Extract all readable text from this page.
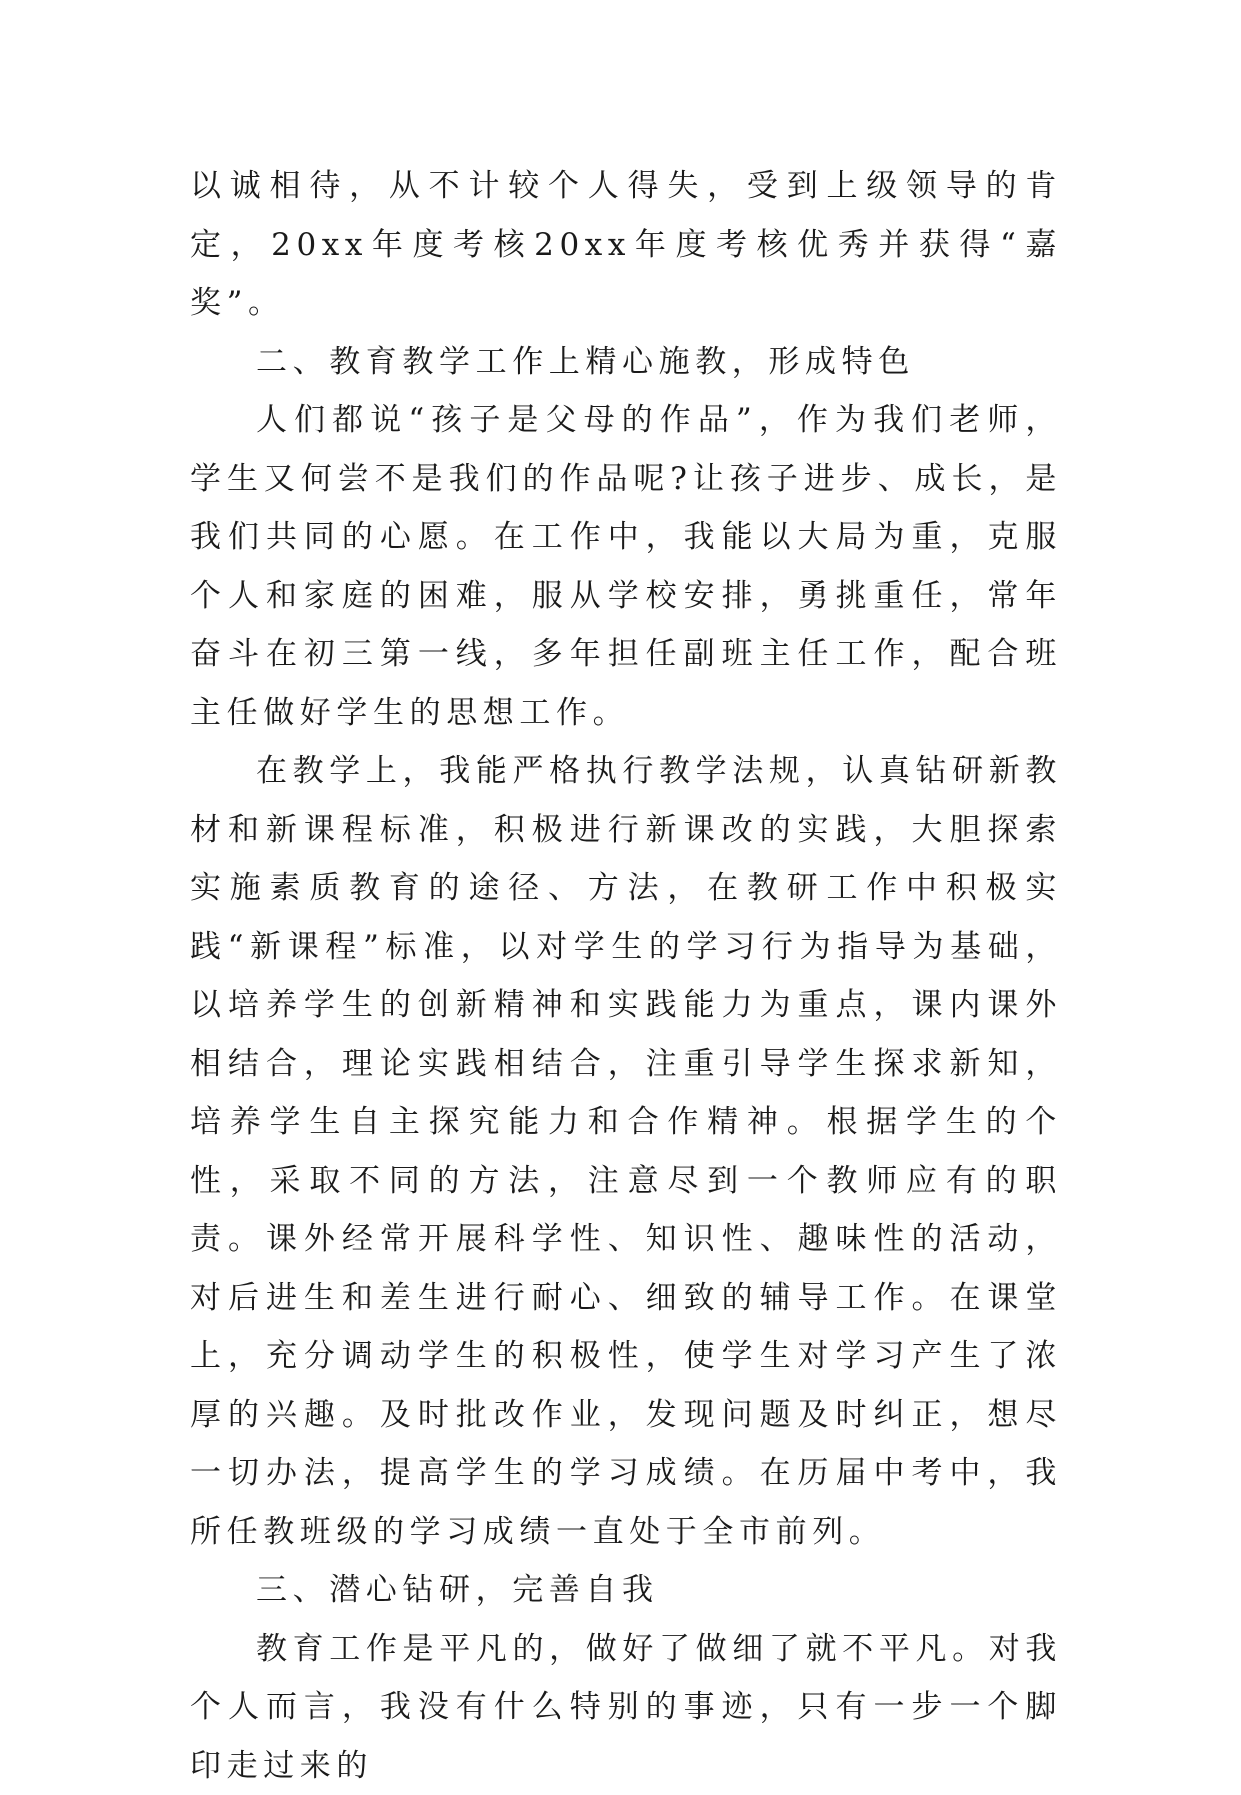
以诚相待，从不计较个人得失，受到上级领导的肯定，20xx年度考核20xx年度考核优秀并获得“嘉奖”。

二、教育教学工作上精心施教，形成特色

人们都说“孩子是父母的作品”，作为我们老师，学生又何尝不是我们的作品呢?让孩子进步、成长，是我们共同的心愿。在工作中，我能以大局为重，克服个人和家庭的困难，服从学校安排，勇挑重任，常年奋斗在初三第一线，多年担任副班主任工作，配合班主任做好学生的思想工作。

在教学上，我能严格执行教学法规，认真钻研新教材和新课程标准，积极进行新课改的实践，大胆探索实施素质教育的途径、方法，在教研工作中积极实践“新课程”标准，以对学生的学习行为指导为基础，以培养学生的创新精神和实践能力为重点，课内课外相结合，理论实践相结合，注重引导学生探求新知，培养学生自主探究能力和合作精神。根据学生的个性，采取不同的方法，注意尽到一个教师应有的职责。课外经常开展科学性、知识性、趣味性的活动，对后进生和差生进行耐心、细致的辅导工作。在课堂上，充分调动学生的积极性，使学生对学习产生了浓厚的兴趣。及时批改作业，发现问题及时纠正，想尽一切办法，提高学生的学习成绩。在历届中考中，我所任教班级的学习成绩一直处于全市前列。

三、潜心钻研，完善自我

教育工作是平凡的，做好了做细了就不平凡。对我个人而言，我没有什么特别的事迹，只有一步一个脚印走过来的
